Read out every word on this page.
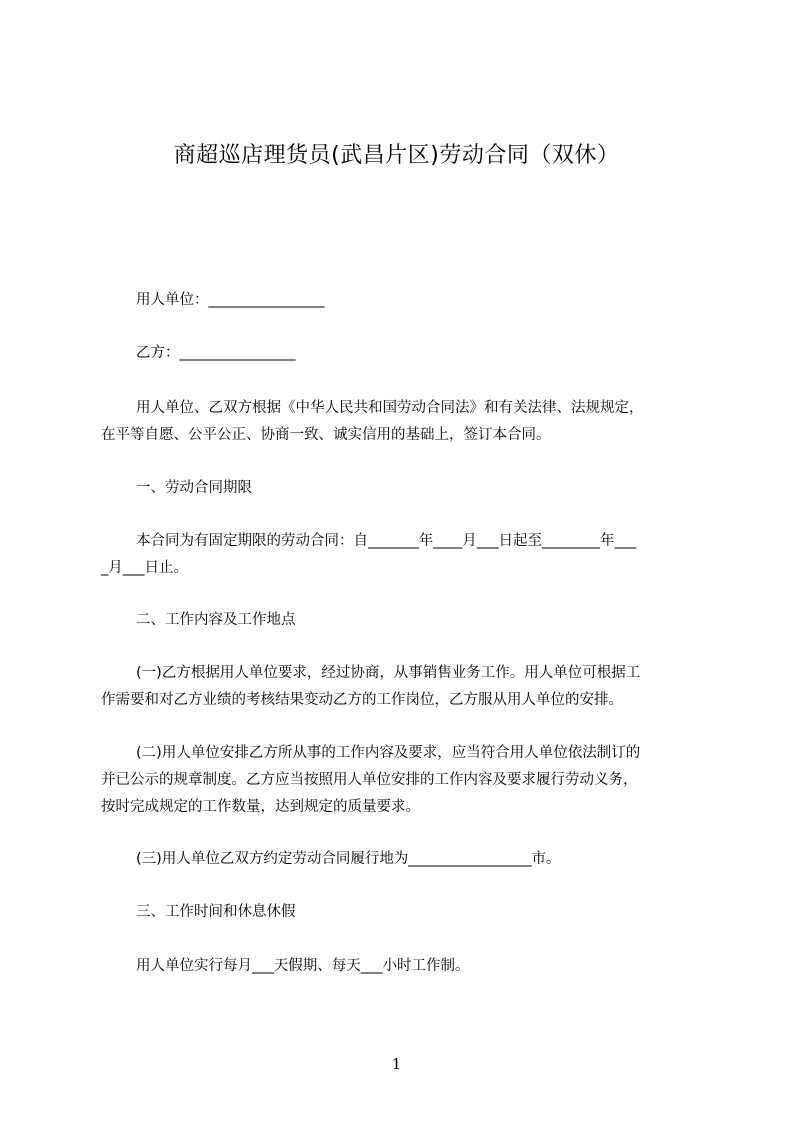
商超巡店理货员(武昌片区)劳动合同（双休）
用人单位：________________
乙方：________________
用人单位、乙双方根据《中华人民共和国劳动合同法》和有关法律、法规规定，
在平等自愿、公平公正、协商一致、诚实信用的基础上，签订本合同。
一、劳动合同期限
本合同为有固定期限的劳动合同：自_______年____月___日起至________年___
_月___日止。
二、工作内容及工作地点
(一)乙方根据用人单位要求，经过协商，从事销售业务工作。用人单位可根据工
作需要和对乙方业绩的考核结果变动乙方的工作岗位，乙方服从用人单位的安排。
(二)用人单位安排乙方所从事的工作内容及要求，应当符合用人单位依法制订的
并已公示的规章制度。乙方应当按照用人单位安排的工作内容及要求履行劳动义务，
按时完成规定的工作数量，达到规定的质量要求。
(三)用人单位乙双方约定劳动合同履行地为_________________市。
三、工作时间和休息休假
用人单位实行每月___天假期、每天___小时工作制。
1
